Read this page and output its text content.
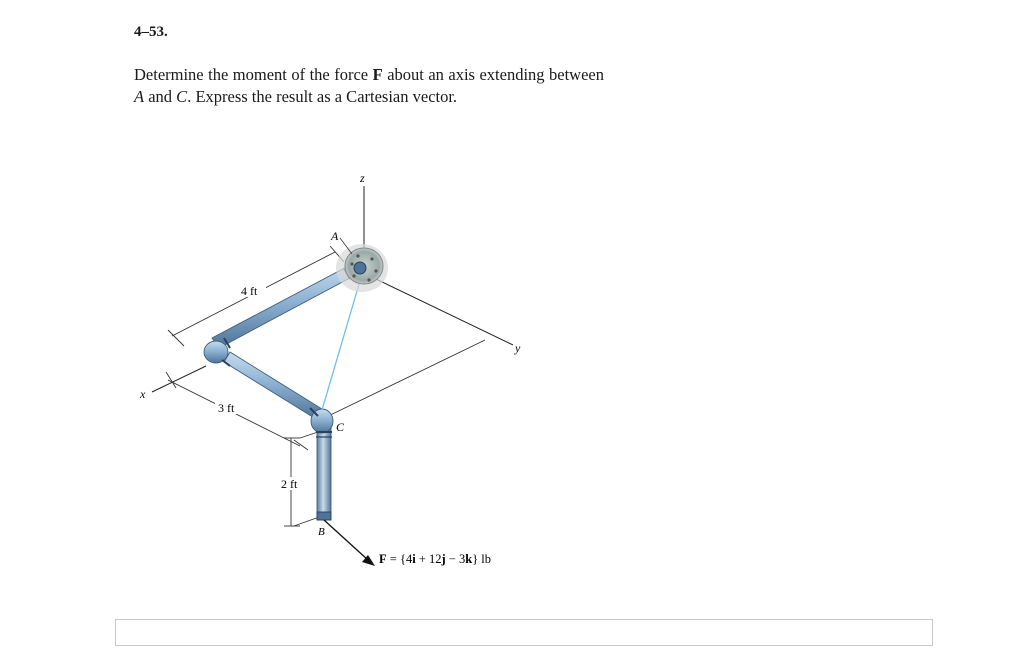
4–53.
Determine the moment of the force F about an axis extending between A and C. Express the result as a Cartesian vector.
z
y
x
4 ft
3 ft
2 ft
A
C
B
F = {4i + 12j − 3k} lb
